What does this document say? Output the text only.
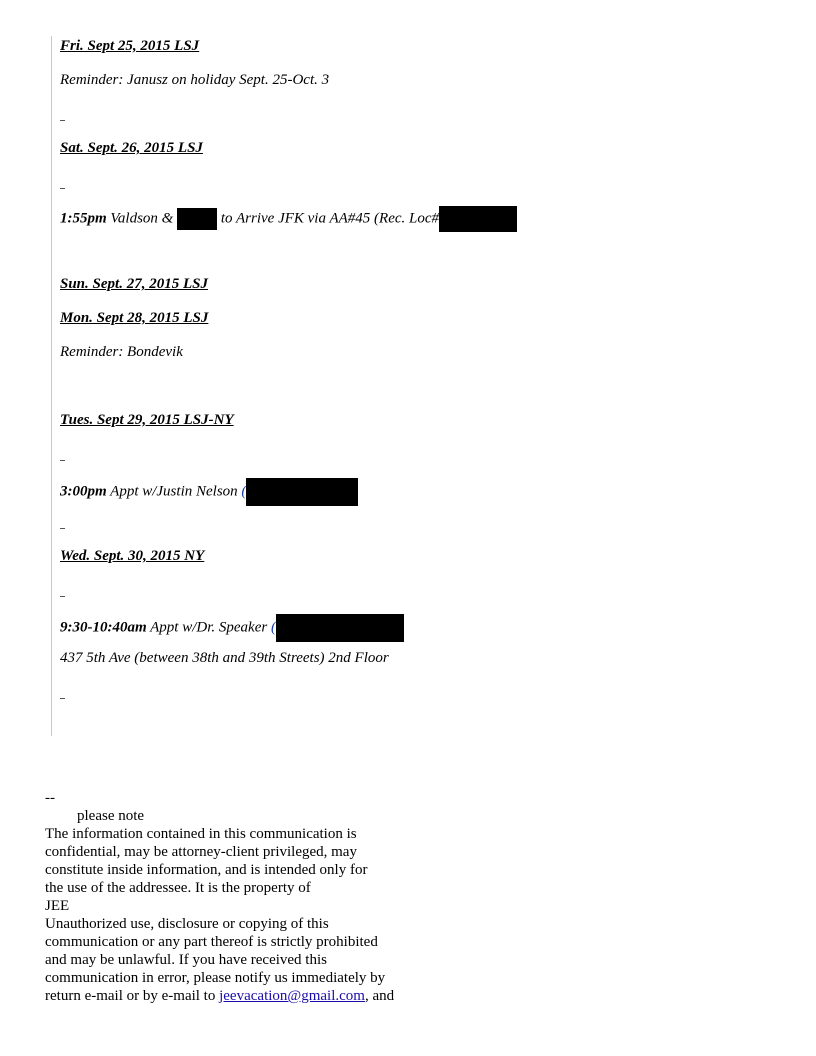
Fri. Sept 25, 2015 LSJ
Reminder: Janusz on holiday Sept. 25-Oct. 3
Sat. Sept. 26, 2015 LSJ
1:55pm Valdson &	to Arrive JFK via AA#45 (Rec. Loc#
Sun. Sept. 27, 2015 LSJ
Mon. Sept 28, 2015 LSJ
Reminder: Bondevik
Tues. Sept 29, 2015 LSJ-NY
3:00pm Appt w/Justin Nelson (
Wed. Sept. 30, 2015 NY
9:30-10:40am Appt w/Dr. Speaker (
437 5th Ave (between 38th and 39th Streets) 2nd Floor
--
please note
The information contained in this communication is
confidential, may be attorney-client privileged, may
constitute inside information, and is intended only for
the use of the addressee. It is the property of
JEE
Unauthorized use, disclosure or copying of this
communication or any part thereof is strictly prohibited
and may be unlawful. If you have received this
communication in error, please notify us immediately by
return e-mail or by e-mail to jeevacation@gmail.com, and
